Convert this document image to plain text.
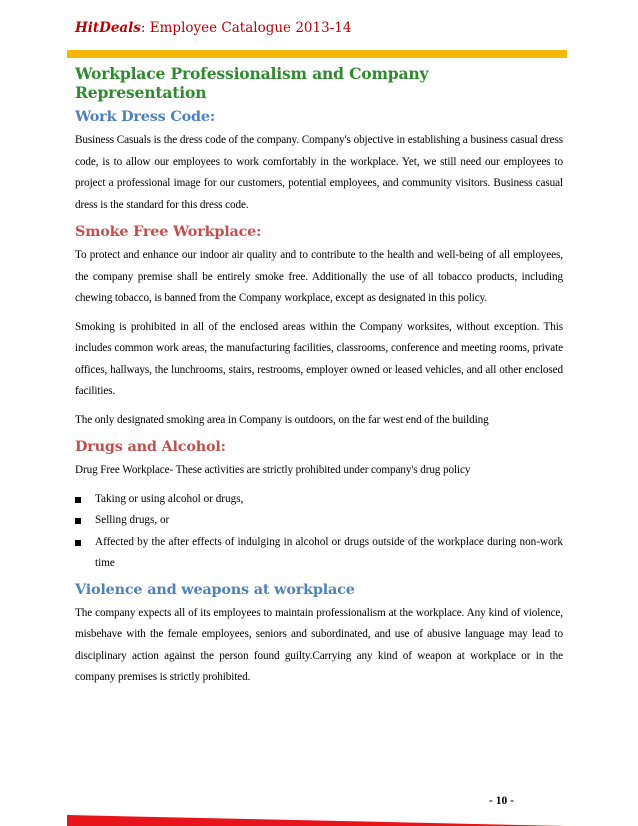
HitDeals: Employee Catalogue 2013-14
Workplace Professionalism and Company Representation
Work Dress Code:

Business Casuals is the dress code of the company. Company's objective in establishing a business casual dress code, is to allow our employees to work comfortably in the workplace. Yet, we still need our employees to project a professional image for our customers, potential employees, and community visitors. Business casual dress is the standard for this dress code.

Smoke Free Workplace:

To protect and enhance our indoor air quality and to contribute to the health and well-being of all employees, the company premise shall be entirely smoke free. Additionally the use of all tobacco products, including chewing tobacco, is banned from the Company workplace, except as designated in this policy.

Smoking is prohibited in all of the enclosed areas within the Company worksites, without exception. This includes common work areas, the manufacturing facilities, classrooms, conference and meeting rooms, private offices, hallways, the lunchrooms, stairs, restrooms, employer owned or leased vehicles, and all other enclosed facilities.

The only designated smoking area in Company is outdoors, on the far west end of the building

Drugs and Alcohol:

Drug Free Workplace- These activities are strictly prohibited under company's drug policy

Taking or using alcohol or drugs,
Selling drugs, or
Affected by the after effects of indulging in alcohol or drugs outside of the workplace during non-work time
Violence and weapons at workplace

The company expects all of its employees to maintain professionalism at the workplace. Any kind of violence, misbehave with the female employees, seniors and subordinated, and use of abusive language may lead to disciplinary action against the person found guilty.Carrying any kind of weapon at workplace or in the company premises is strictly prohibited.

- 10 -
